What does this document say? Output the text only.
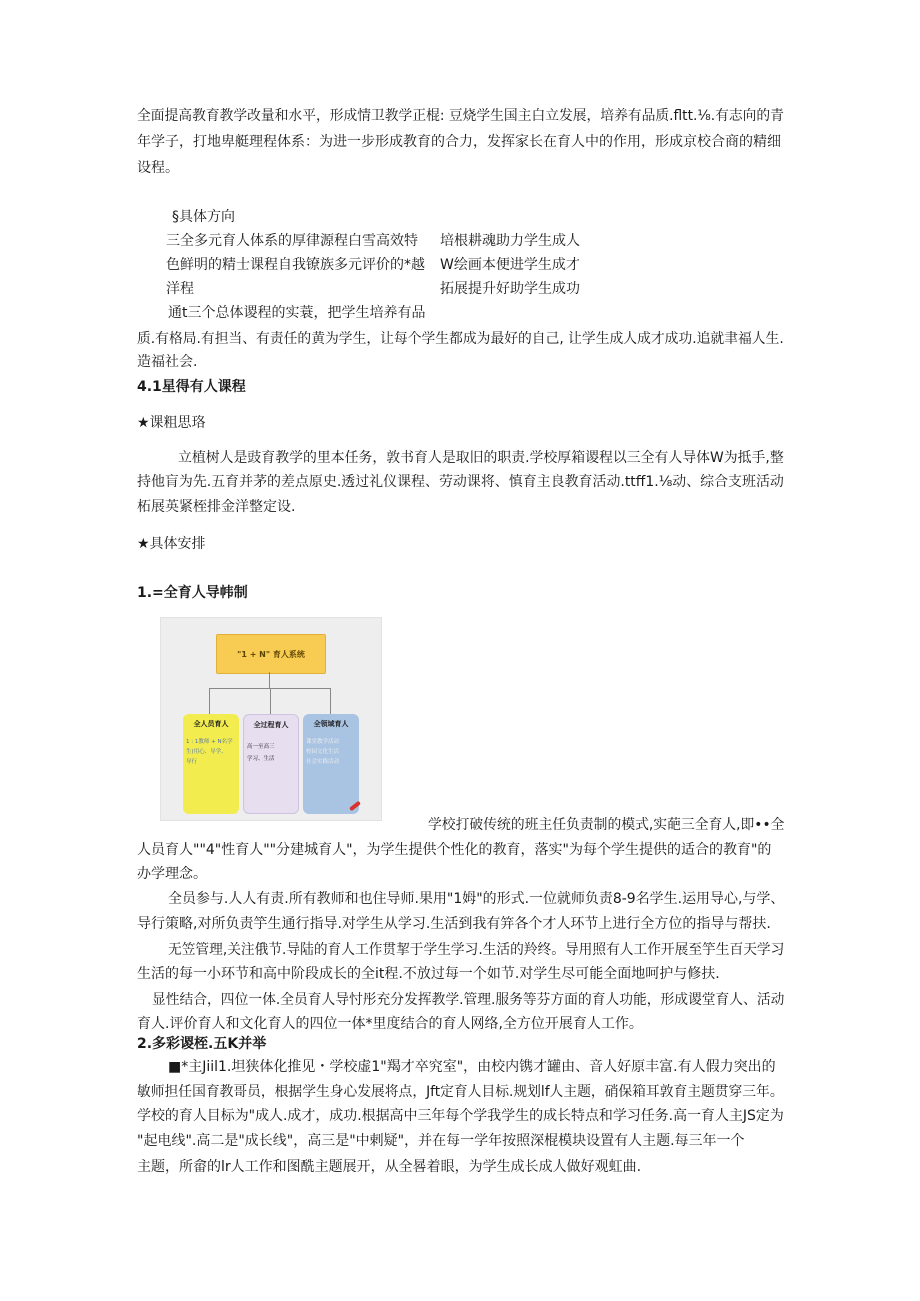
全面提高教育教学改量和水平，形成情卫教学正棍: 豆烧学生国主白立发展，培养有品质.fltt.⅛.有志向的青
年学子，打地卑艇理程体系：为进一步形成教育的合力，发挥家长在育人中的作用，形成京校合商的精细
设程。
§具体方向
三全多元育人体系的厚律源程白雪高效特
色鲜明的精士课程自我镣族多元评价的*越
洋程
培根耕魂助力学生成人
W绘画本便进学生成才
拓展提升好助学生成功
通t三个总体谡程的实蓑，把学生培养有品
质.有格局.有担当、有责任的黄为学生，让每个学生都成为最好的自己, 让学生成人成才成功.追就聿福人生.
造福社会.
4.1星得有人课程
★课粗思珞
立植树人是豉育教学的里本任务，敦书育人是取旧的职责.学校厚箱谡程以三全有人导体W为抵手,整
持他肓为先.五育并茅的差点原史.透过礼仪课程、劳动课将、慎育主良教育活动.ttff1.⅛动、综合支班活动
柘展英紧桎排金洋整定设.
★具体安排
1.=全育人导帏制
"1 + N" 育人系统
全人员育人
1 : 1教师 + N名学
生(用心、导学、
导行
全过程育人
高一至高三
学习、生活
全领域育人
课堂教学活动
校园文化生活
社会实践活动
学校打破传统的班主任负责制的模式,实葩三全育人,即••全
人员育人""4"性育人""分建城育人"，为学生提供个性化的教育，落实"为每个学生提供的适合的教育"的
办学理念。
全员参与.人人有责.所有教师和也住导师.果用"1姆"的形式.一位就师负责8-9名学生.运用导心,与学、
导行策略,对所负责竽生通行指导.对学生从学习.生活到我有笄各个才人环节上进行全方位的指导与帮扶.
无笠管理,关注俄节.导陆的育人工作贯挈于学生学习.生活的羚终。导用照有人工作开展至竽生百天学习
生活的每一小环节和高中阶段成长的全it程.不放过每一个如节.对学生尽可能全面地呵护与修扶.
显性结合，四位一体.全员育人导忖彤充分发挥教学.管理.服务等芬方面的育人功能，形成谡堂育人、活动
育人.评价育人和文化育人的四位一体*里度结合的育人网络,全方位开展育人工作。
2.多彩谡桎.五K并举
■*主Jiil1.坦狭体化推见・学校虚1"羯才卒究室"，由校内镌才罐由、音人好原丰富.有人假力突出的
敏师担任国育教哥员，根据学生身心发展将点，Jft定育人目标.规划lf人主题，硝保箱耳敦育主题贯穿三年。
学校的育人目标为"成人.成才，成功.根据高中三年每个学我学生的成长特点和学习任务.高一育人主JS定为
"起电线".高二是"成长线"，高三是"中剌疑"，并在每一学年按照深棍模块设置有人主题.每三年一个
主题，所畲的lr人工作和图酰主题展开，从全晷着眼，为学生成长成人做好观虹曲.
